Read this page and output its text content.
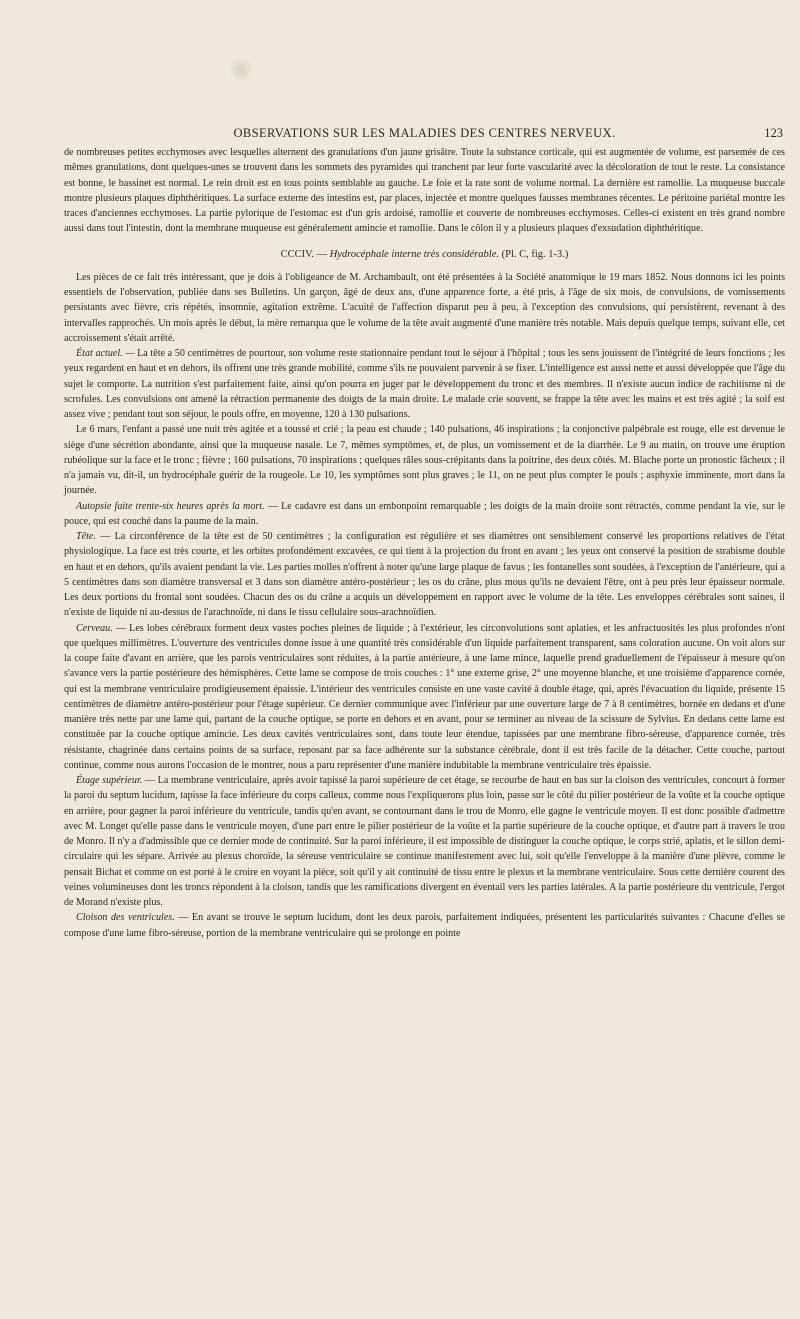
OBSERVATIONS SUR LES MALADIES DES CENTRES NERVEUX.	123

de nombreuses petites ecchymoses avec lesquelles alternent des granulations d'un jaune grisâtre. Toute la substance corticale, qui est augmentée de volume, est parsemée de ces mêmes granulations, dont quelques-unes se trouvent dans les sommets des pyramides qui tranchent par leur forte vascularité avec la décoloration de tout le reste. La consistance est bonne, le bassinet est normal. Le rein droit est en tous points semblable au gauche. Le foie et la rate sont de volume normal. La dernière est ramollie. La muqueuse buccale montre plusieurs plaques diphthéritiques. La surface externe des intestins est, par places, injectée et montre quelques fausses membranes récentes. Le péritoine pariétal montre les traces d'anciennes ecchymoses. La partie pylorique de l'estomac est d'un gris ardoisé, ramollie et couverte de nombreuses ecchymoses. Celles-ci existent en très grand nombre aussi dans tout l'intestin, dont la membrane muqueuse est généralement amincie et ramollie. Dans le côlon il y a plusieurs plaques d'exsudation diphthéritique.

CCCIV. — Hydrocéphale interne très considérable. (Pl. C, fig. 1-3.)

Les pièces de ce fait très intéressant, que je dois à l'obligeance de M. Archambault, ont été présentées à la Société anatomique le 19 mars 1852. Nous donnons ici les points essentiels de l'observation, publiée dans ses Bulletins. Un garçon, âgé de deux ans, d'une apparence forte, a été pris, à l'âge de six mois, de convulsions, de vomissements persistants avec fièvre, cris répétés, insomnie, agitation extrême. L'acuité de l'affection disparut peu à peu, à l'exception des convulsions, qui persistèrent, revenant à des intervalles rapprochés. Un mois après le début, la mère remarqua que le volume de la tête avait augmenté d'une manière très notable. Mais depuis quelque temps, suivant elle, cet accroissement s'était arrêté.

État actuel. — La tête a 50 centimètres de pourtour, son volume reste stationnaire pendant tout le séjour à l'hôpital ; tous les sens jouissent de l'intégrité de leurs fonctions ; les yeux regardent en haut et en dehors, ils offrent une très grande mobilité, comme s'ils ne pouvaient parvenir à se fixer. L'intelligence est aussi nette et aussi développée que l'âge du sujet le comporte. La nutrition s'est parfaitement faite, ainsi qu'on pourra en juger par le développement du tronc et des membres. Il n'existe aucun indice de rachitisme ni de scrofules. Les convulsions ont amené la rétraction permanente des doigts de la main droite. Le malade crie souvent, se frappe la tête avec les mains et est très agité ; la soif est assez vive ; pendant tout son séjour, le pouls offre, en moyenne, 120 à 130 pulsations.

Le 6 mars, l'enfant a passé une nuit très agitée et a toussé et crié ; la peau est chaude ; 140 pulsations, 46 inspirations ; la conjonctive palpébrale est rouge, elle est devenue le siège d'une sécrétion abondante, ainsi que la muqueuse nasale. Le 7, mêmes symptômes, et, de plus, un vomissement et de la diarrhée. Le 9 au matin, on trouve une éruption rubéolique sur la face et le tronc ; fièvre ; 160 pulsations, 70 inspirations ; quelques râles sous-crépitants dans la poitrine, des deux côtés. M. Blache porte un pronostic fâcheux ; il n'a jamais vu, dit-il, un hydrocéphale guérir de la rougeole. Le 10, les symptômes sont plus graves ; le 11, on ne peut plus compter le pouls ; asphyxie imminente, mort dans la journée.

Autopsie faite trente-six heures après la mort. — Le cadavre est dans un embonpoint remarquable ; les doigts de la main droite sont rétractés, comme pendant la vie, sur le pouce, qui est couché dans la paume de la main.

Tête. — La circonférence de la tête est de 50 centimètres ; la configuration est régulière et ses diamètres ont sensiblement conservé les proportions relatives de l'état physiologique. La face est très courte, et les orbites profondément excavées, ce qui tient à la projection du front en avant ; les yeux ont conservé la position de strabisme double en haut et en dehors, qu'ils avaient pendant la vie. Les parties molles n'offrent à noter qu'une large plaque de favus ; les fontanelles sont soudées, à l'exception de l'antérieure, qui a 5 centimètres dans son diamètre transversal et 3 dans son diamètre antéro-postérieur ; les os du crâne, plus mous qu'ils ne devaient l'être, ont à peu près leur épaisseur normale. Les deux portions du frontal sont soudées. Chacun des os du crâne a acquis un développement en rapport avec le volume de la tête. Les enveloppes cérébrales sont saines, il n'existe de liquide ni au-dessus de l'arachnoïde, ni dans le tissu cellulaire sous-arachnoïdien.

Cerveau. — Les lobes cérébraux forment deux vastes poches pleines de liquide ; à l'extérieur, les circonvolutions sont aplaties, et les anfractuosités les plus profondes n'ont que quelques millimètres. L'ouverture des ventricules donne issue à une quantité très considérable d'un liquide parfaitement transparent, sans coloration aucune. On voit alors sur la coupe faite d'avant en arrière, que les parois ventriculaires sont réduites, à la partie antérieure, à une lame mince, laquelle prend graduellement de l'épaisseur à mesure qu'on s'avance vers la partie postérieure des hémisphères. Cette lame se compose de trois couches : 1° une externe grise, 2° une moyenne blanche, et une troisième d'apparence cornée, qui est la membrane ventriculaire prodigieusement épaissie. L'intérieur des ventricules consiste en une vaste cavité à double étage, qui, après l'évacuation du liquide, présente 15 centimètres de diamètre antéro-postérieur pour l'étage supérieur. Ce dernier communique avec l'inférieur par une ouverture large de 7 à 8 centimètres, bornée en dedans et d'une manière très nette par une lame qui, partant de la couche optique, se porte en dehors et en avant, pour se terminer au niveau de la scissure de Sylvius. En dedans cette lame est constituée par la couche optique amincie. Les deux cavités ventriculaires sont, dans toute leur étendue, tapissées par une membrane fibro-séreuse, d'apparence cornée, très résistante, chagrinée dans certains points de sa surface, reposant par sa face adhérente sur la substance cérébrale, dont il est très facile de la détacher. Cette couche, partout continue, comme nous aurons l'occasion de le montrer, nous a paru représenter d'une manière indubitable la membrane ventriculaire très épaissie.

Étage supérieur. — La membrane ventriculaire, après avoir tapissé la paroi supérieure de cet étage, se recourbe de haut en bas sur la cloison des ventricules, concourt à former la paroi du septum lucidum, tapisse la face inférieure du corps calleux, comme nous l'expliquerons plus loin, passe sur le côté du pilier postérieur de la voûte et la couche optique en arrière, pour gagner la paroi inférieure du ventricule, tandis qu'en avant, se contournant dans le trou de Monro, elle gagne le ventricule moyen. Il est donc possible d'admettre avec M. Longet qu'elle passe dans le ventricule moyen, d'une part entre le pilier postérieur de la voûte et la partie supérieure de la couche optique, et d'autre part à travers le trou de Monro. Il n'y a d'admissible que ce dernier mode de continuité. Sur la paroi inférieure, il est impossible de distinguer la couche optique, le corps strié, aplatis, et le sillon demi-circulaire qui les sépare. Arrivée au plexus choroïde, la séreuse ventriculaire se continue manifestement avec lui, soit qu'elle l'enveloppe à la manière d'une plèvre, comme le pensait Bichat et comme on est porté à le croire en voyant la pièce, soit qu'il y ait continuité de tissu entre le plexus et la membrane ventriculaire. Sous cette dernière courent des veines volumineuses dont les troncs répondent à la cloison, tandis que les ramifications divergent en éventail vers les parties latérales. A la partie postérieure du ventricule, l'ergot de Morand n'existe plus.

Cloison des ventricules. — En avant se trouve le septum lucidum, dont les deux parois, parfaitement indiquées, présentent les particularités suivantes : Chacune d'elles se compose d'une lame fibro-séreuse, portion de la membrane ventriculaire qui se prolonge en pointe
